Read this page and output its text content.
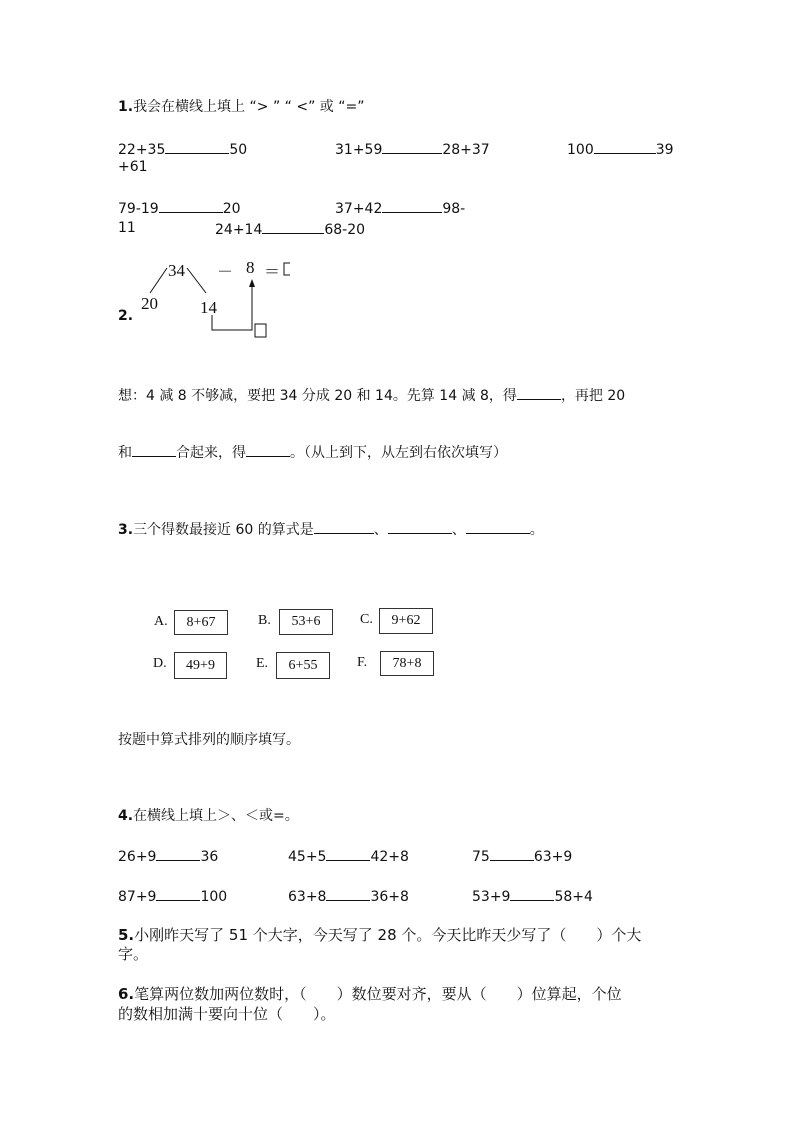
1.我会在横线上填上 “> ” “ <” 或 “=”
22+35	50	31+59	28+37	100	39
+61
79-19	20	37+42	98-
11	24+14	68-20
2.
34 － 8 ＝
20 14
想：4 减 8 不够减，要把 34 分成 20 和 14。先算 14 减 8，得	，再把 20
和	合起来，得	。（从上到下，从左到右依次填写）
3.三个得数最接近 60 的算式是	、	、	。
A.	8+67	B.	53+6	C.	9+62
D.	49+9	E.	6+55	F.	78+8
按题中算式排列的顺序填写。
4.在横线上填上＞、＜或=。
26+9	36	45+5	42+8	75	63+9
87+9	100	63+8	36+8	53+9	58+4
5.小刚昨天写了 51 个大字，今天写了 28 个。今天比昨天少写了（　　）个大
字。
6.笔算两位数加两位数时，（　　）数位要对齐，要从（　　）位算起，个位
的数相加满十要向十位（　　）。
